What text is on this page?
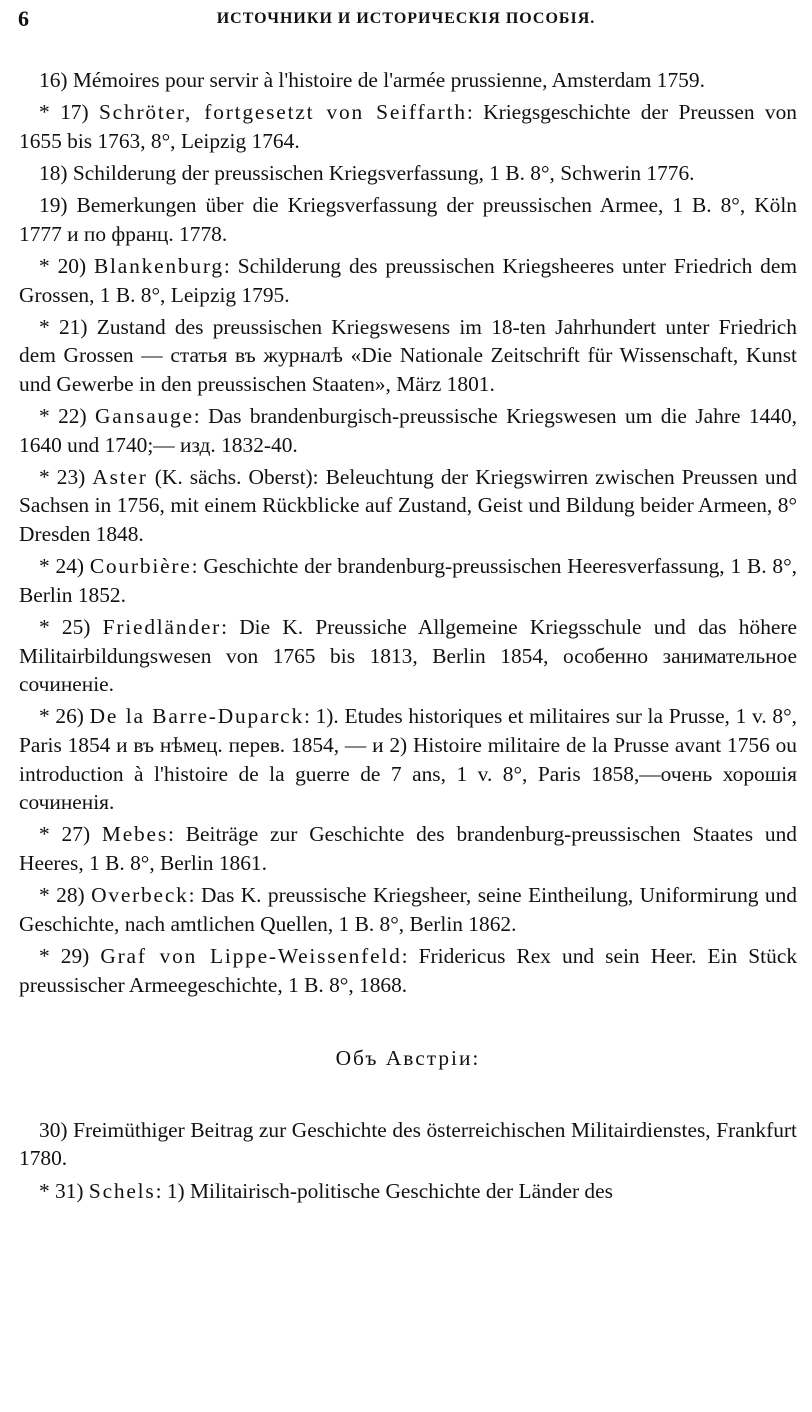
6	ИСТОЧНИКИ И ИСТОРИЧЕСКIЯ ПОСОБIЯ.

16) Mémoires pour servir à l'histoire de l'armée prussienne, Amsterdam 1759.

* 17) Schröter, fortgesetzt von Seiffarth: Kriegsgeschichte der Preussen von 1655 bis 1763, 8°, Leipzig 1764.

18) Schilderung der preussischen Kriegsverfassung, 1 B. 8°, Schwerin 1776.

19) Bemerkungen über die Kriegsverfassung der preussischen Armee, 1 B. 8°, Köln 1777 и по франц. 1778.

* 20) Blankenburg: Schilderung des preussischen Kriegsheeres unter Friedrich dem Grossen, 1 B. 8°, Leipzig 1795.

* 21) Zustand des preussischen Kriegswesens im 18-ten Jahrhundert unter Friedrich dem Grossen — статья въ журналѣ «Die Nationale Zeitschrift für Wissenschaft, Kunst und Gewerbe in den preussischen Staaten», März 1801.

* 22) Gansauge: Das brandenburgisch-preussische Kriegswesen um die Jahre 1440, 1640 und 1740;— изд. 1832-40.

* 23) Aster (K. sächs. Oberst): Beleuchtung der Kriegswirren zwischen Preussen und Sachsen in 1756, mit einem Rückblicke auf Zustand, Geist und Bildung beider Armeen, 8° Dresden 1848.

* 24) Courbière: Geschichte der brandenburg-preussischen Heeresverfassung, 1 B. 8°, Berlin 1852.

* 25) Friedländer: Die K. Preussiche Allgemeine Kriegsschule und das höhere Militairbildungswesen von 1765 bis 1813, Berlin 1854, особенно занимательное сочиненie.

* 26) De la Barre-Duparck: 1). Etudes historiques et militaires sur la Prusse, 1 v. 8°, Paris 1854 и въ нѣмец. перев. 1854, — и 2) Histoire militaire de la Prusse avant 1756 ou introduction à l'histoire de la guerre de 7 ans, 1 v. 8°, Paris 1858,—очень хорошiя сочиненiя.

* 27) Mebes: Beiträge zur Geschichte des brandenburg-preussischen Staates und Heeres, 1 B. 8°, Berlin 1861.

* 28) Overbeck: Das K. preussische Kriegsheer, seine Eintheilung, Uniformirung und Geschichte, nach amtlichen Quellen, 1 B. 8°, Berlin 1862.

* 29) Graf von Lippe-Weissenfeld: Fridericus Rex und sein Heer. Ein Stück preussischer Armeegeschichte, 1 B. 8°, 1868.

Объ Австрiи:

30) Freimüthiger Beitrag zur Geschichte des österreichischen Militairdienstes, Frankfurt 1780.

* 31) Schels: 1) Militairisch-politische Geschichte der Länder des
